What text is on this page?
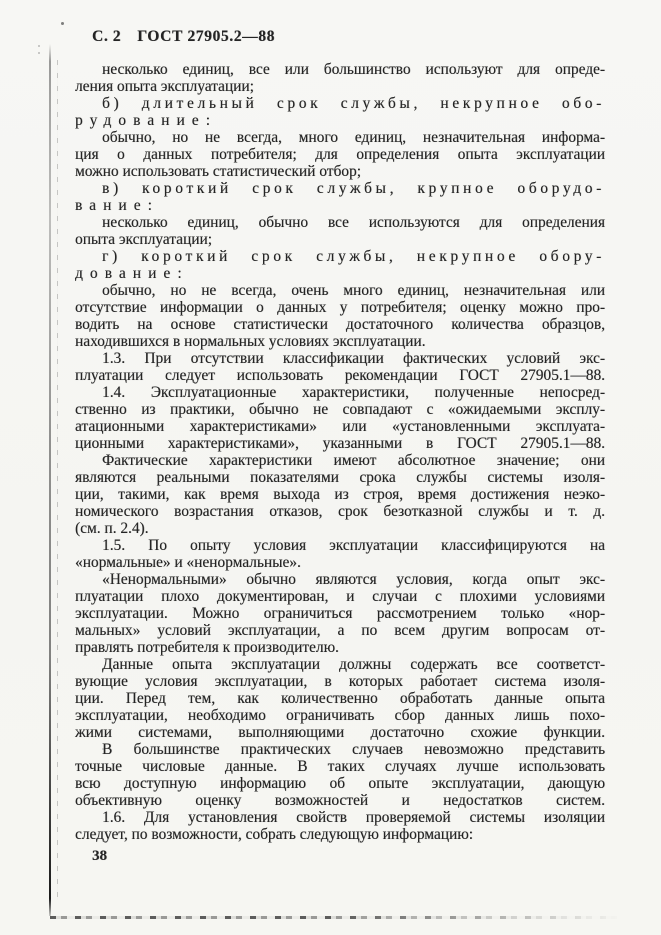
С. 2 ГОСТ 27905.2—88
несколько единиц, все или большинство используют для опреде-
ления опыта эксплуатации;
б) длительный срок службы, некрупное обо-
рудование:
обычно, но не всегда, много единиц, незначительная информа-
ция о данных потребителя; для определения опыта эксплуатации
можно использовать статистический отбор;
в) короткий срок службы, крупное оборудо-
вание:
несколько единиц, обычно все используются для определения
опыта эксплуатации;
г) короткий срок службы, некрупное обору-
дование:
обычно, но не всегда, очень много единиц, незначительная или
отсутствие информации о данных у потребителя; оценку можно про-
водить на основе статистически достаточного количества образцов,
находившихся в нормальных условиях эксплуатации.
1.3. При отсутствии классификации фактических условий экс-
плуатации следует использовать рекомендации ГОСТ 27905.1—88.
1.4. Эксплуатационные характеристики, полученные непосред-
ственно из практики, обычно не совпадают с «ожидаемыми эксплу-
атационными характеристиками» или «установленными эксплуата-
ционными характеристиками», указанными в ГОСТ 27905.1—88.
Фактические характеристики имеют абсолютное значение; они
являются реальными показателями срока службы системы изоля-
ции, такими, как время выхода из строя, время достижения неэко-
номического возрастания отказов, срок безотказной службы и т. д.
(см. п. 2.4).
1.5. По опыту условия эксплуатации классифицируются на
«нормальные» и «ненормальные».
«Ненормальными» обычно являются условия, когда опыт экс-
плуатации плохо документирован, и случаи с плохими условиями
эксплуатации. Можно ограничиться рассмотрением только «нор-
мальных» условий эксплуатации, а по всем другим вопросам от-
правлять потребителя к производителю.
Данные опыта эксплуатации должны содержать все соответст-
вующие условия эксплуатации, в которых работает система изоля-
ции. Перед тем, как количественно обработать данные опыта
эксплуатации, необходимо ограничивать сбор данных лишь похо-
жими системами, выполняющими достаточно схожие функции.
В большинстве практических случаев невозможно представить
точные числовые данные. В таких случаях лучше использовать
всю доступную информацию об опыте эксплуатации, дающую
объективную оценку возможностей и недостатков систем.
1.6. Для установления свойств проверяемой системы изоляции
следует, по возможности, собрать следующую информацию:
38
